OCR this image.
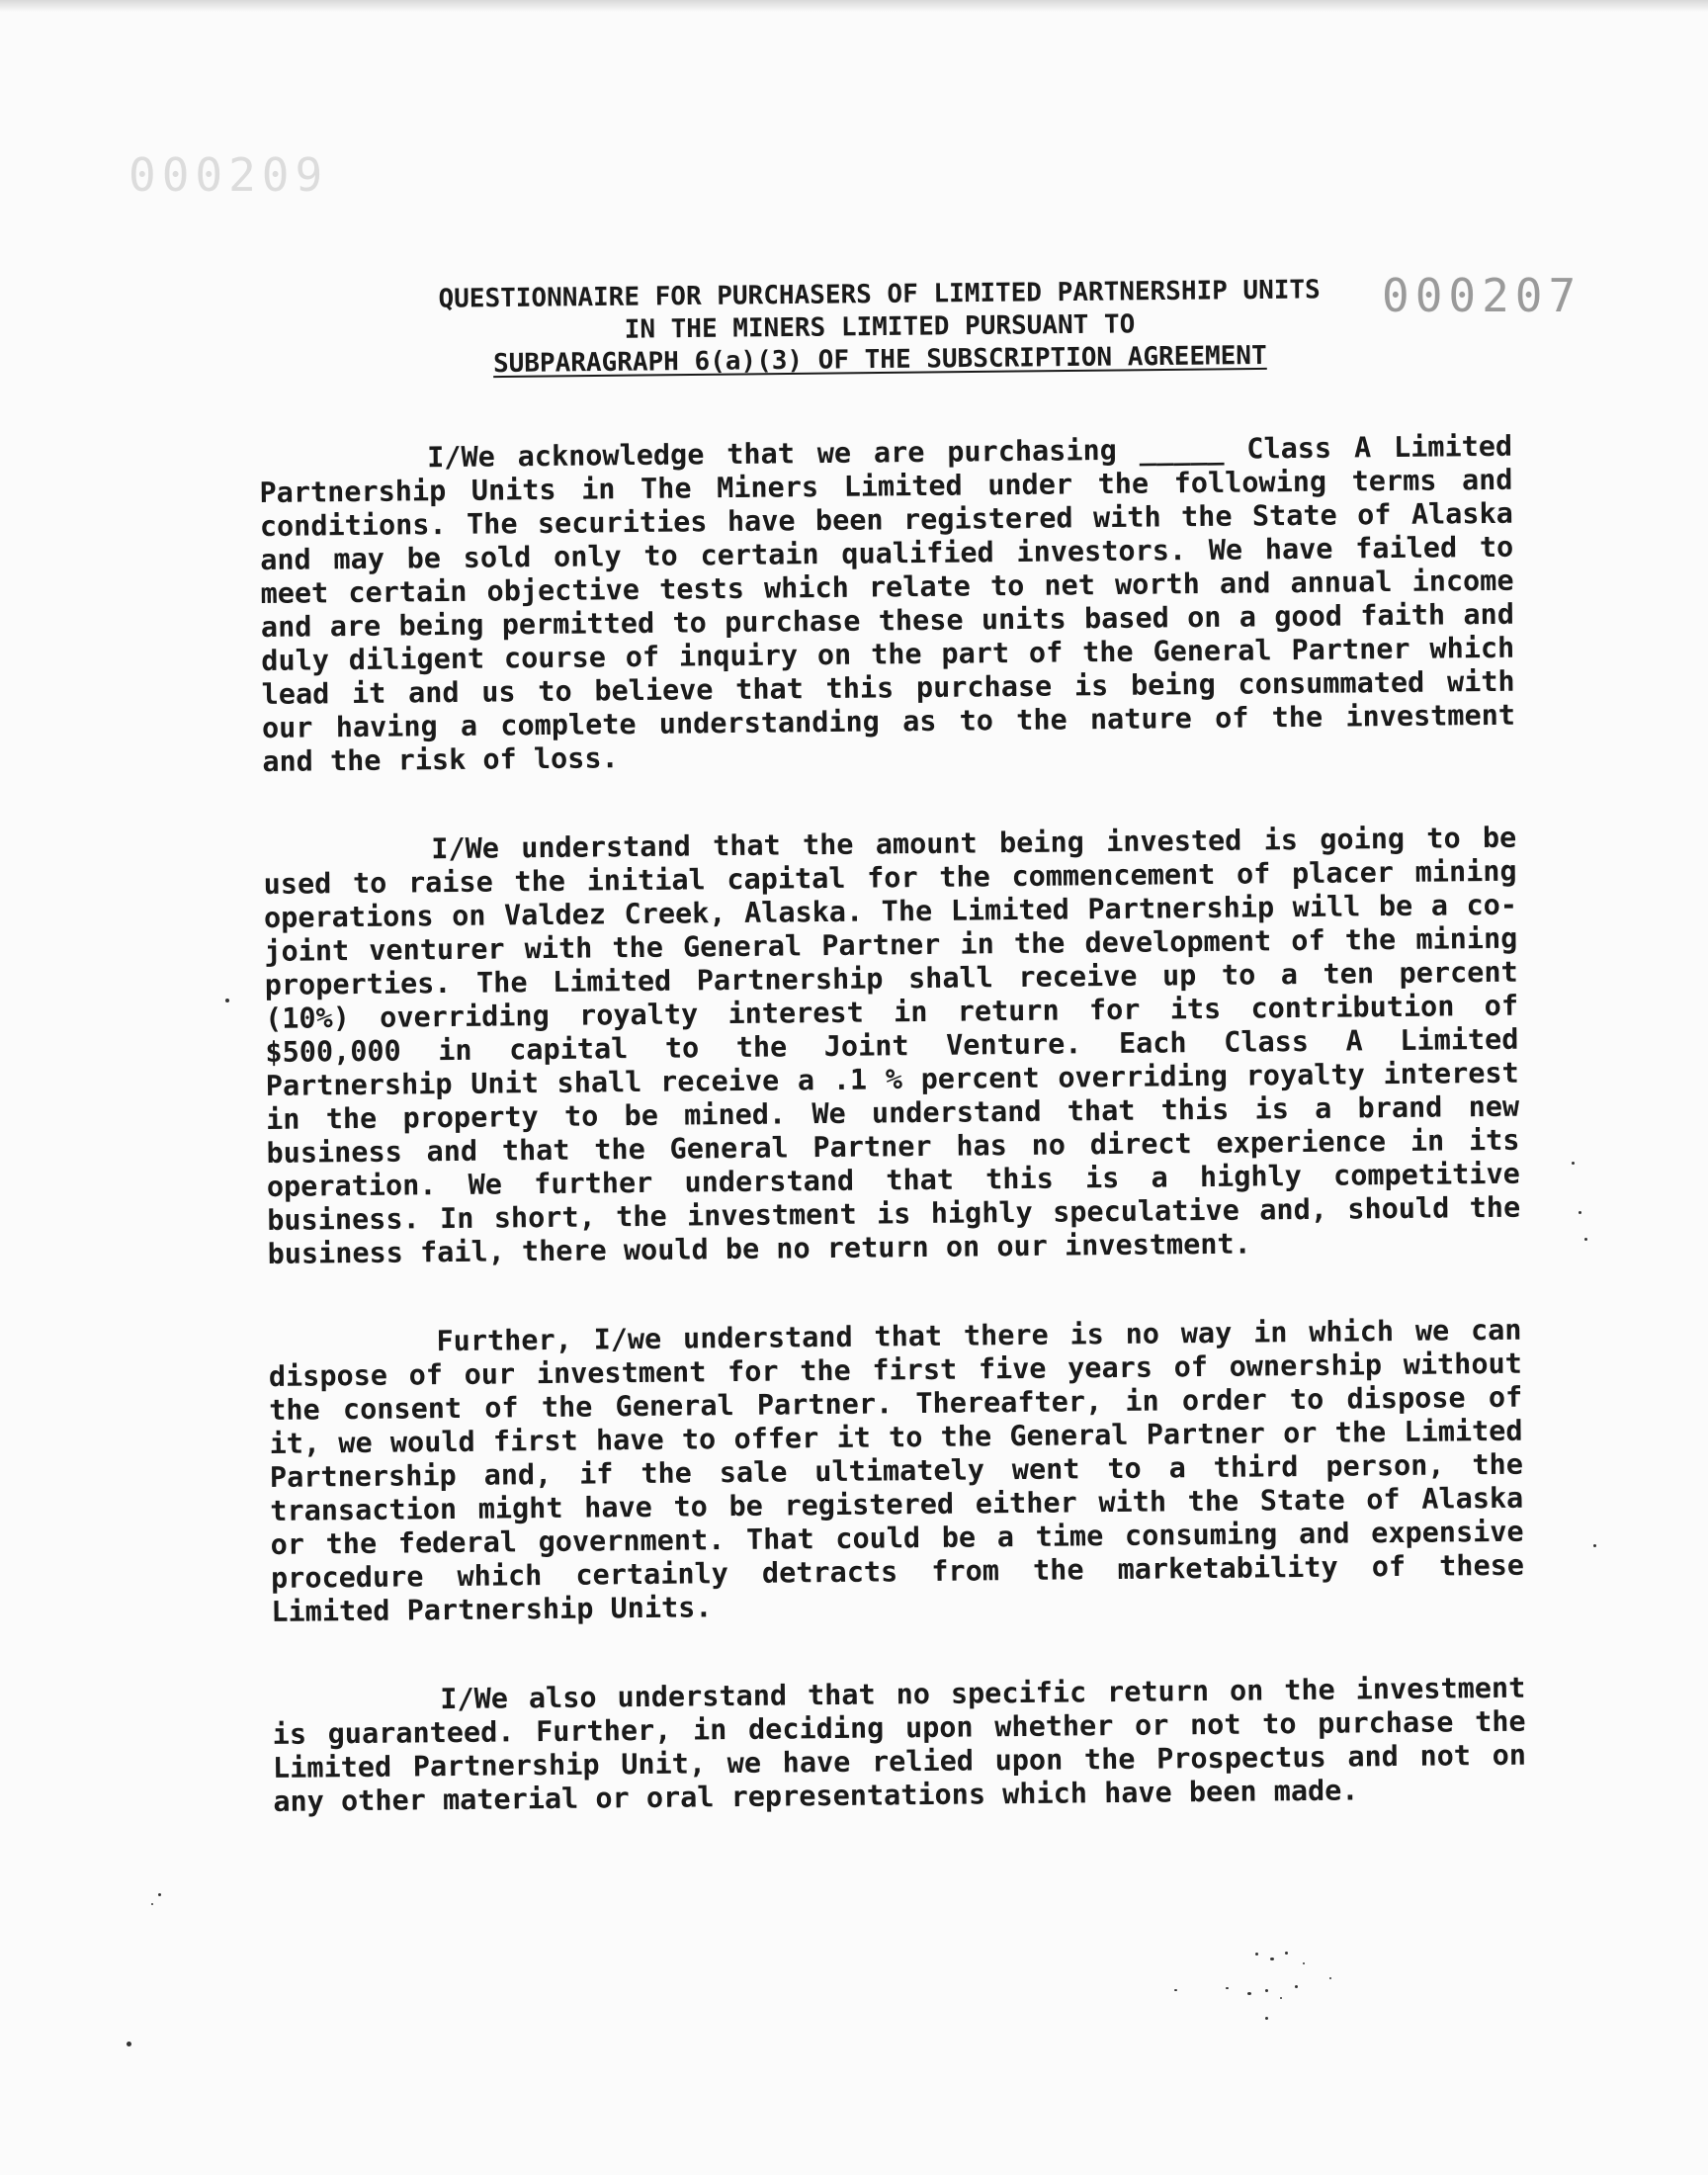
000209
000207
QUESTIONNAIRE FOR PURCHASERS OF LIMITED PARTNERSHIP UNITS
IN THE MINERS LIMITED PURSUANT TO
SUBPARAGRAPH 6(a)(3) OF THE SUBSCRIPTION AGREEMENT

I/We acknowledge that we are purchasing _____ Class A Limited Partnership Units in The Miners Limited under the following terms and conditions. The securities have been registered with the State of Alaska and may be sold only to certain qualified investors. We have failed to meet certain objective tests which relate to net worth and annual income and are being permitted to purchase these units based on a good faith and duly diligent course of inquiry on the part of the General Partner which lead it and us to believe that this purchase is being consummated with our having a complete understanding as to the nature of the investment and the risk of loss.

I/We understand that the amount being invested is going to be used to raise the initial capital for the commencement of placer mining operations on Valdez Creek, Alaska. The Limited Partnership will be a co-joint venturer with the General Partner in the development of the mining properties. The Limited Partnership shall receive up to a ten percent (10%) overriding royalty interest in return for its contribution of $500,000 in capital to the Joint Venture. Each Class A Limited Partnership Unit shall receive a .1 % percent overriding royalty interest in the property to be mined. We understand that this is a brand new business and that the General Partner has no direct experience in its operation. We further understand that this is a highly competitive business. In short, the investment is highly speculative and, should the business fail, there would be no return on our investment.

Further, I/we understand that there is no way in which we can dispose of our investment for the first five years of ownership without the consent of the General Partner. Thereafter, in order to dispose of it, we would first have to offer it to the General Partner or the Limited Partnership and, if the sale ultimately went to a third person, the transaction might have to be registered either with the State of Alaska or the federal government. That could be a time consuming and expensive procedure which certainly detracts from the marketability of these Limited Partnership Units.

I/We also understand that no specific return on the investment is guaranteed. Further, in deciding upon whether or not to purchase the Limited Partnership Unit, we have relied upon the Prospectus and not on any other material or oral representations which have been made.
